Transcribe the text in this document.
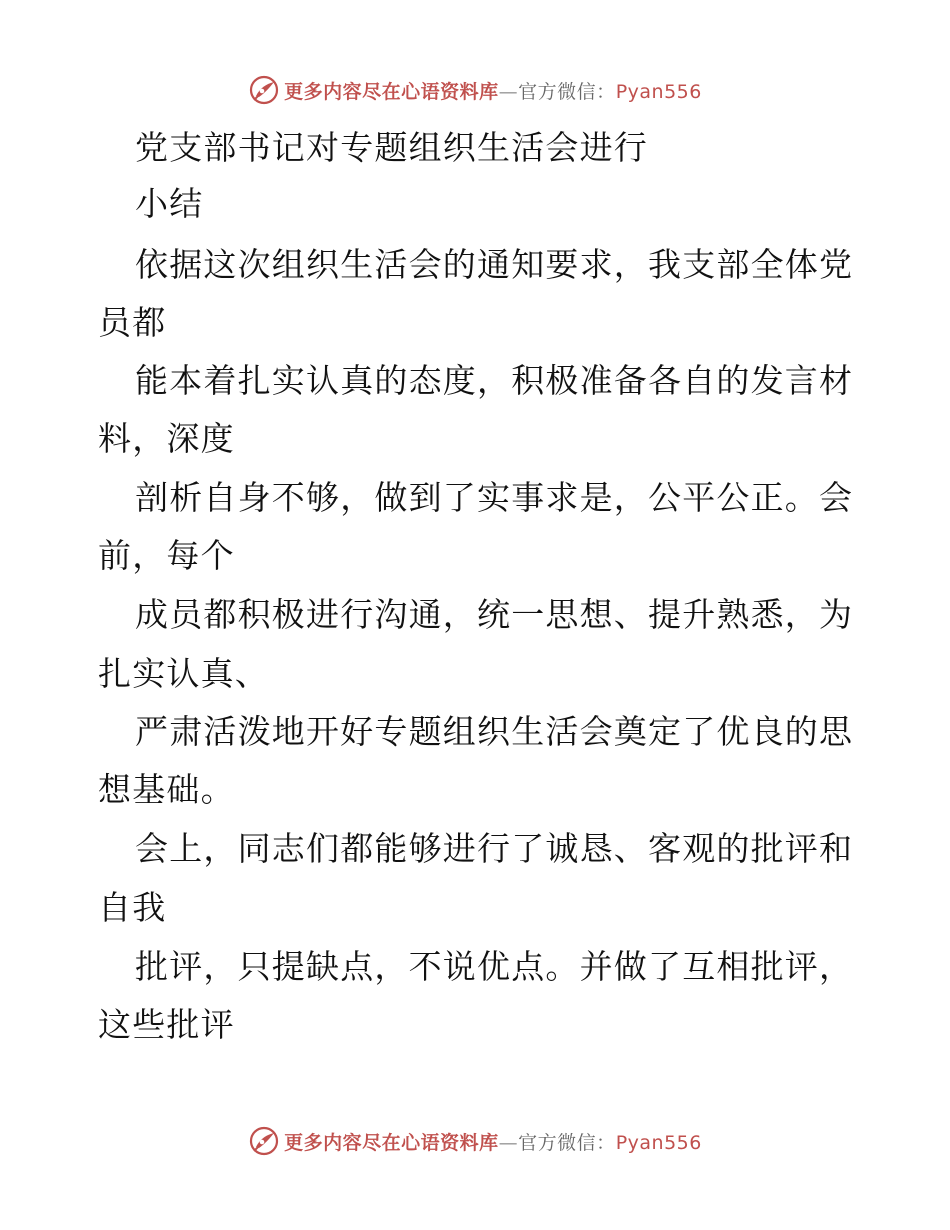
更多内容尽在心语资料库—官方微信：Pyan556
党支部书记对专题组织生活会进行
小结
依据这次组织生活会的通知要求，我支部全体党
员都
能本着扎实认真的态度，积极准备各自的发言材
料，深度
剖析自身不够，做到了实事求是，公平公正。会
前，每个
成员都积极进行沟通，统一思想、提升熟悉，为
扎实认真、
严肃活泼地开好专题组织生活会奠定了优良的思
想基础。
会上，同志们都能够进行了诚恳、客观的批评和
自我
批评，只提缺点，不说优点。并做了互相批评，
这些批评
更多内容尽在心语资料库—官方微信：Pyan556
